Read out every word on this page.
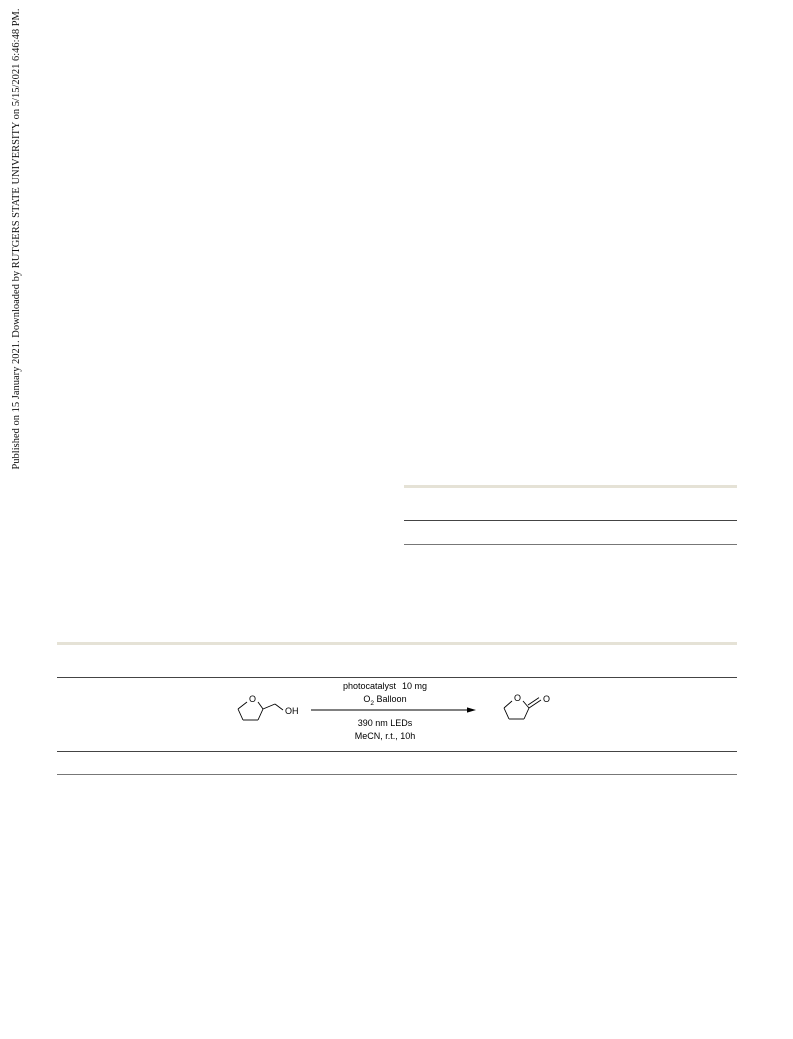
Published on 15 January 2021. Downloaded by RUTGERS STATE UNIVERSITY on 5/15/2021 6:46:48 PM.
O
OH
photocatalyst 10 mg
$O_2$ Balloon
390 nm LEDs
MeCN, r.t., 10h
O O
